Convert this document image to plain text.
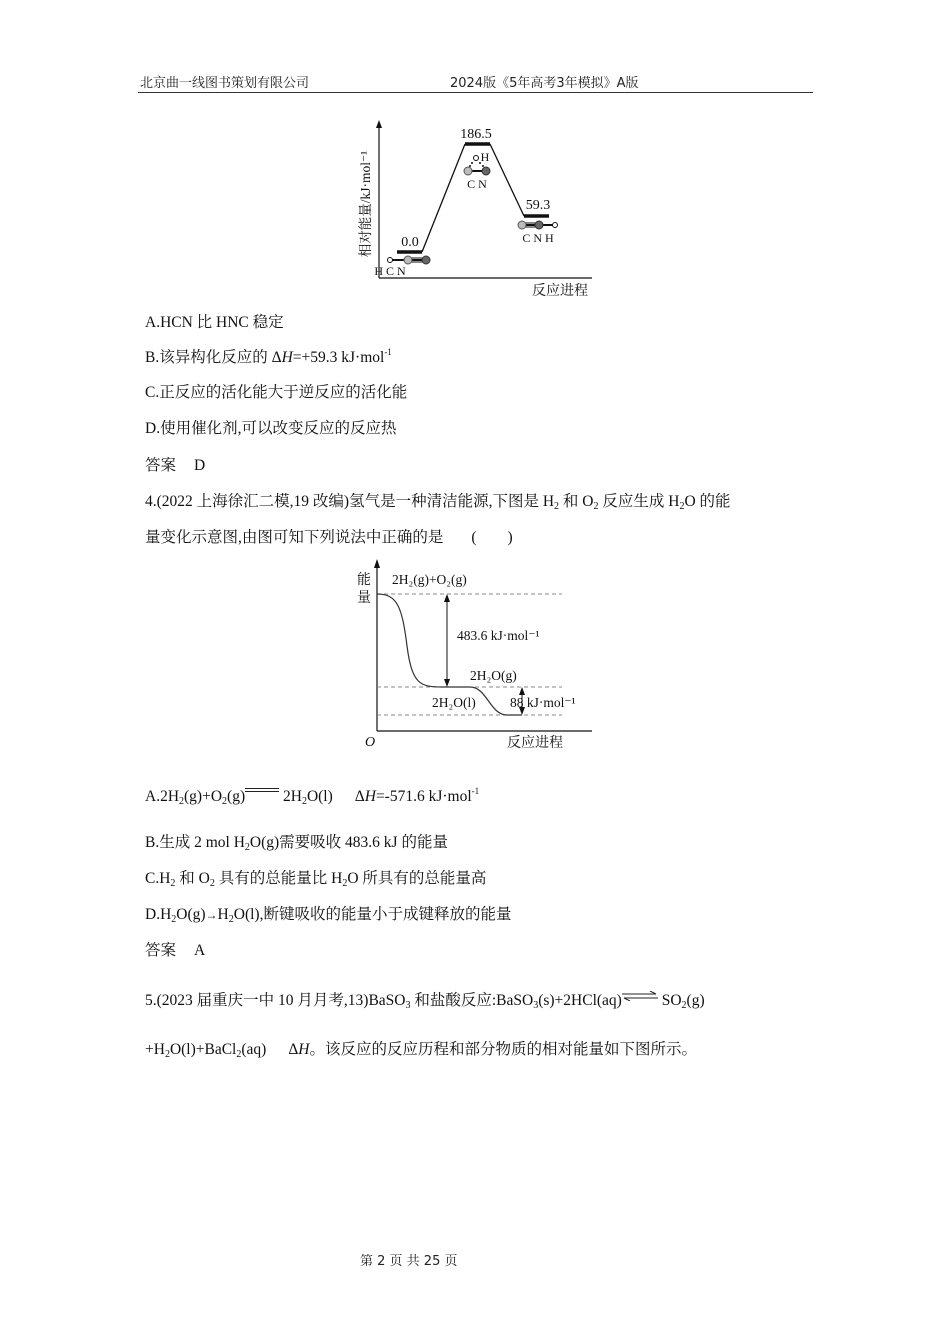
北京曲一线图书策划有限公司	2024版《5年高考3年模拟》A版
相对能量/kJ·mol⁻¹
反应进程
0.0
186.5
59.3
H C N
H
C N
C N H
A.HCN 比 HNC 稳定
B.该异构化反应的 ΔH=+59.3 kJ·mol$^{-1}$
C.正反应的活化能大于逆反应的活化能
D.使用催化剂,可以改变反应的反应热
答案 D
4.(2022 上海徐汇二模,19 改编)氢气是一种清洁能源,下图是 $H_2$ 和 $O_2$ 反应生成 $H_2O$ 的能
量变化示意图,由图可知下列说法中正确的是 (　　)
能
量
O	反应进程
2H₂(g)+O₂(g)
483.6 kJ·mol⁻¹
2H₂O(g)
2H₂O(l)	88 kJ·mol⁻¹
$A.2H_2(g)+O_2(g)$ $2H_2O(l)$ ΔH=-571.6 kJ·mol$^{-1}$
B.生成 2 mol $H_2O(g)$需要吸收 483.6 kJ 的能量
$C.H_2$ 和 $O_2$ 具有的总能量比 $H_2O$ 所具有的总能量高
$D.H_2O(g)\to H_2O(l)$,断键吸收的能量小于成键释放的能量
答案 A
5.(2023 届重庆一中 10 月月考,13)BaSO$_3$ 和盐酸反应:BaSO$_3$(s)+2HCl(aq)⇌ $SO_2(g)$
$+H_2O(l)+BaCl_2(aq)$ ΔH。该反应的反应历程和部分物质的相对能量如下图所示。
第 2 页 共 25 页
